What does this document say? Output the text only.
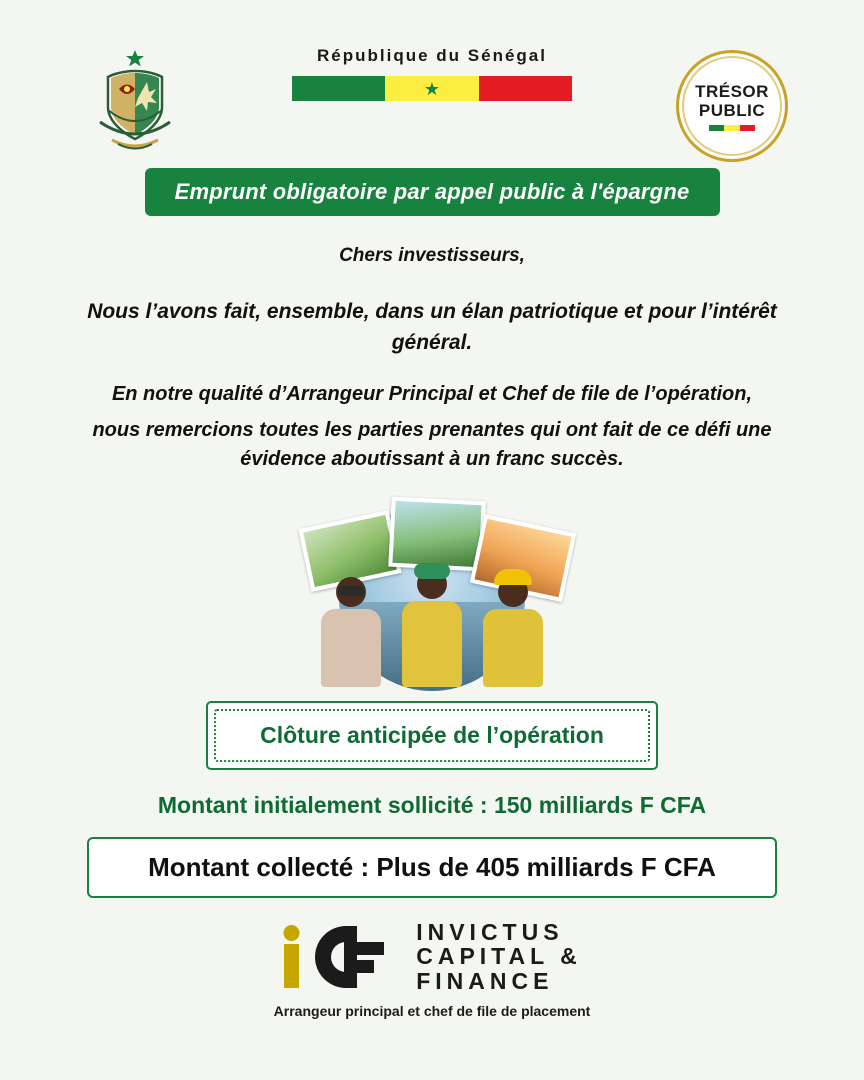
République du Sénégal
★	TRÉSOR
PUBLIC
Emprunt obligatoire par appel public à l'épargne

Chers investisseurs,

Nous l’avons fait, ensemble, dans un élan patriotique et pour l’intérêt général.

En notre qualité d’Arrangeur Principal et Chef de file de l’opération,

nous remercions toutes les parties prenantes qui ont fait de ce défi une évidence aboutissant à un franc succès.

Clôture anticipée de l’opération
Montant initialement sollicité : 150 milliards F CFA
Montant collecté : Plus de 405 milliards F CFA
INVICTUS
CAPITAL &
FINANCE
Arrangeur principal et chef de file de placement
